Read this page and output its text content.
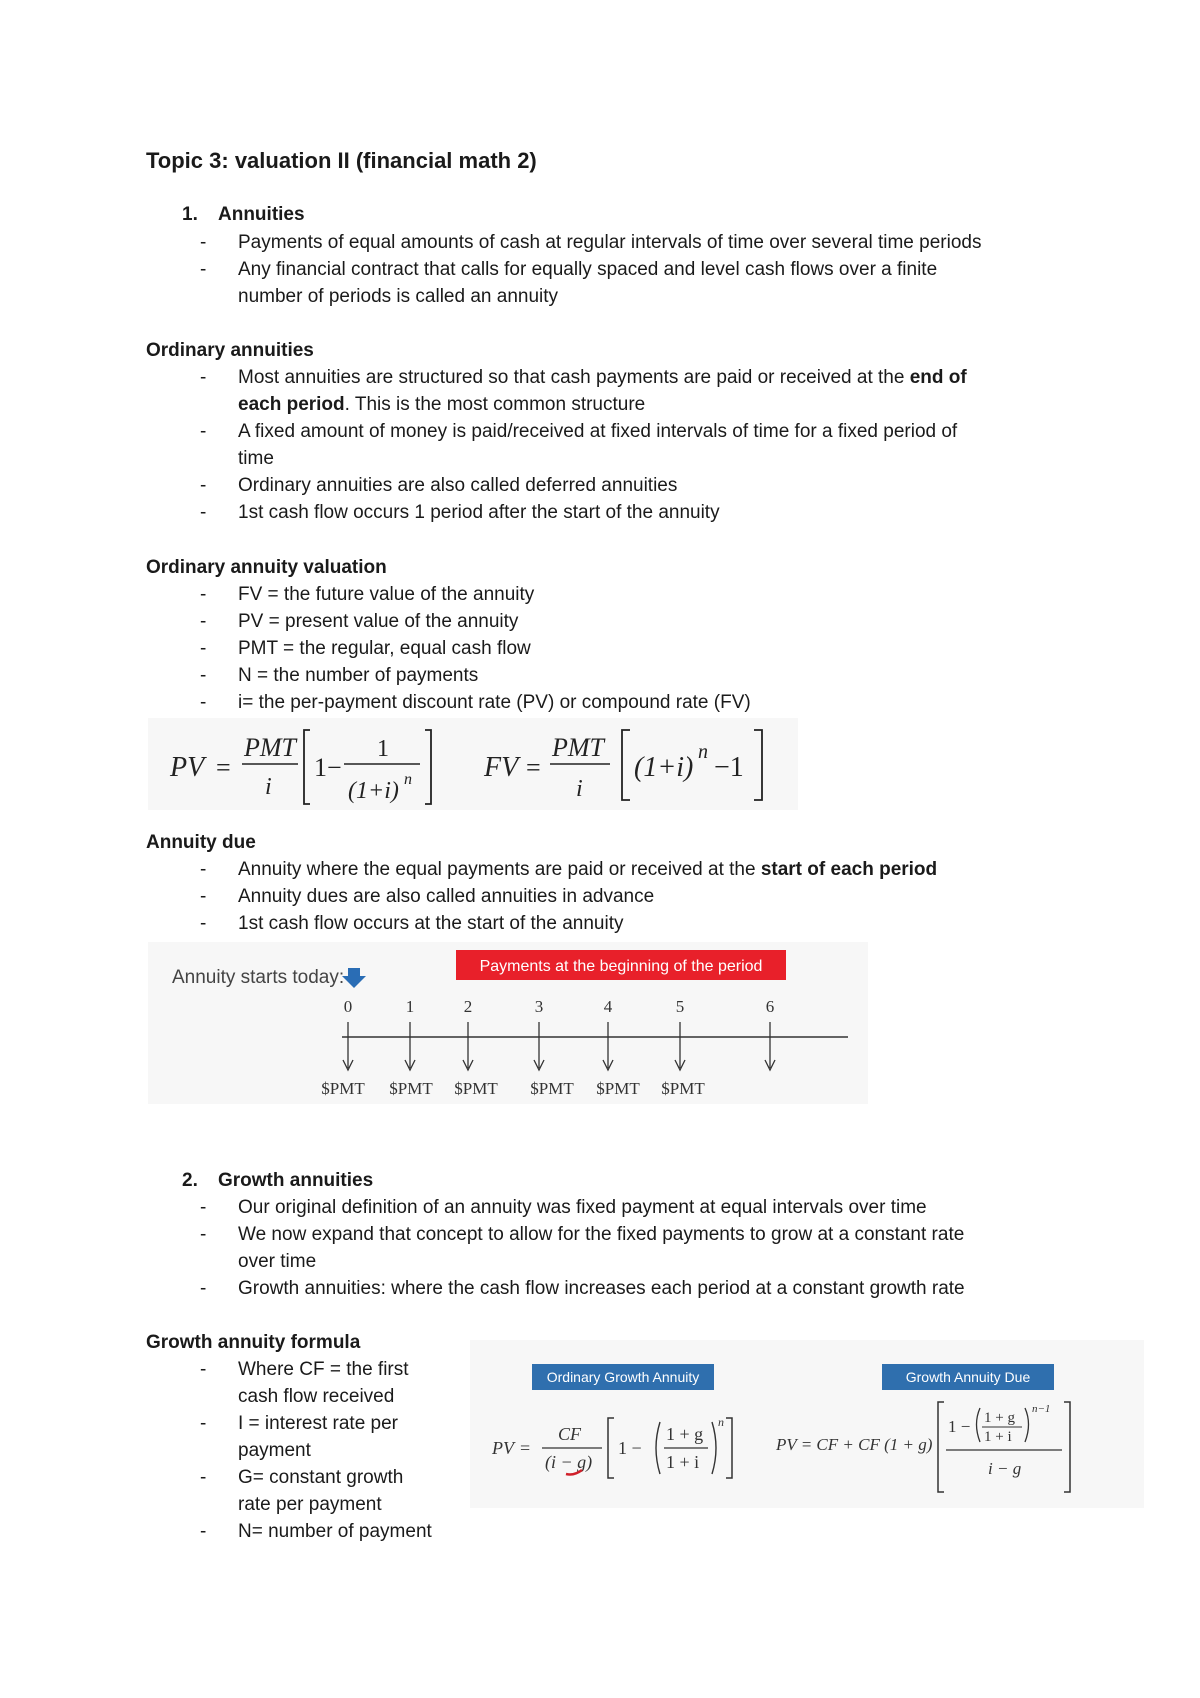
Topic 3: valuation II (financial math 2)
1. Annuities
- Payments of equal amounts of cash at regular intervals of time over several time periods
- Any financial contract that calls for equally spaced and level cash flows over a finite
number of periods is called an annuity
Ordinary annuities
- Most annuities are structured so that cash payments are paid or received at the end of
each period. This is the most common structure
- A fixed amount of money is paid/received at fixed intervals of time for a fixed period of
time
- Ordinary annuities are also called deferred annuities
- 1st cash flow occurs 1 period after the start of the annuity
Ordinary annuity valuation
- FV = the future value of the annuity
- PV = present value of the annuity
- PMT = the regular, equal cash flow
- N = the number of payments
- i= the per-payment discount rate (PV) or compound rate (FV)
PV =
PMT
i
1−
1
(1+i) n	FV =
PMT
i
(1+i) n −1
Annuity due
- Annuity where the equal payments are paid or received at the start of each period
- Annuity dues are also called annuities in advance
- 1st cash flow occurs at the start of the annuity
Annuity starts today:
Payments at the beginning of the period
0	1	2	3	4	5	6
$PMT $PMT $PMT $PMT $PMT $PMT
2. Growth annuities
- Our original definition of an annuity was fixed payment at equal intervals over time
- We now expand that concept to allow for the fixed payments to grow at a constant rate
over time
- Growth annuities: where the cash flow increases each period at a constant growth rate
Growth annuity formula
- Where CF = the first
cash flow received
- I = interest rate per
payment
- G= constant growth
rate per payment
- N= number of payment
Ordinary Growth Annuity	Growth Annuity Due
PV =
CF
(i − g)
1 −
1 + g
1 + i
n
PV = CF + CF (1 + g)
1 − 1 + g
1 + i
n−1
i − g
